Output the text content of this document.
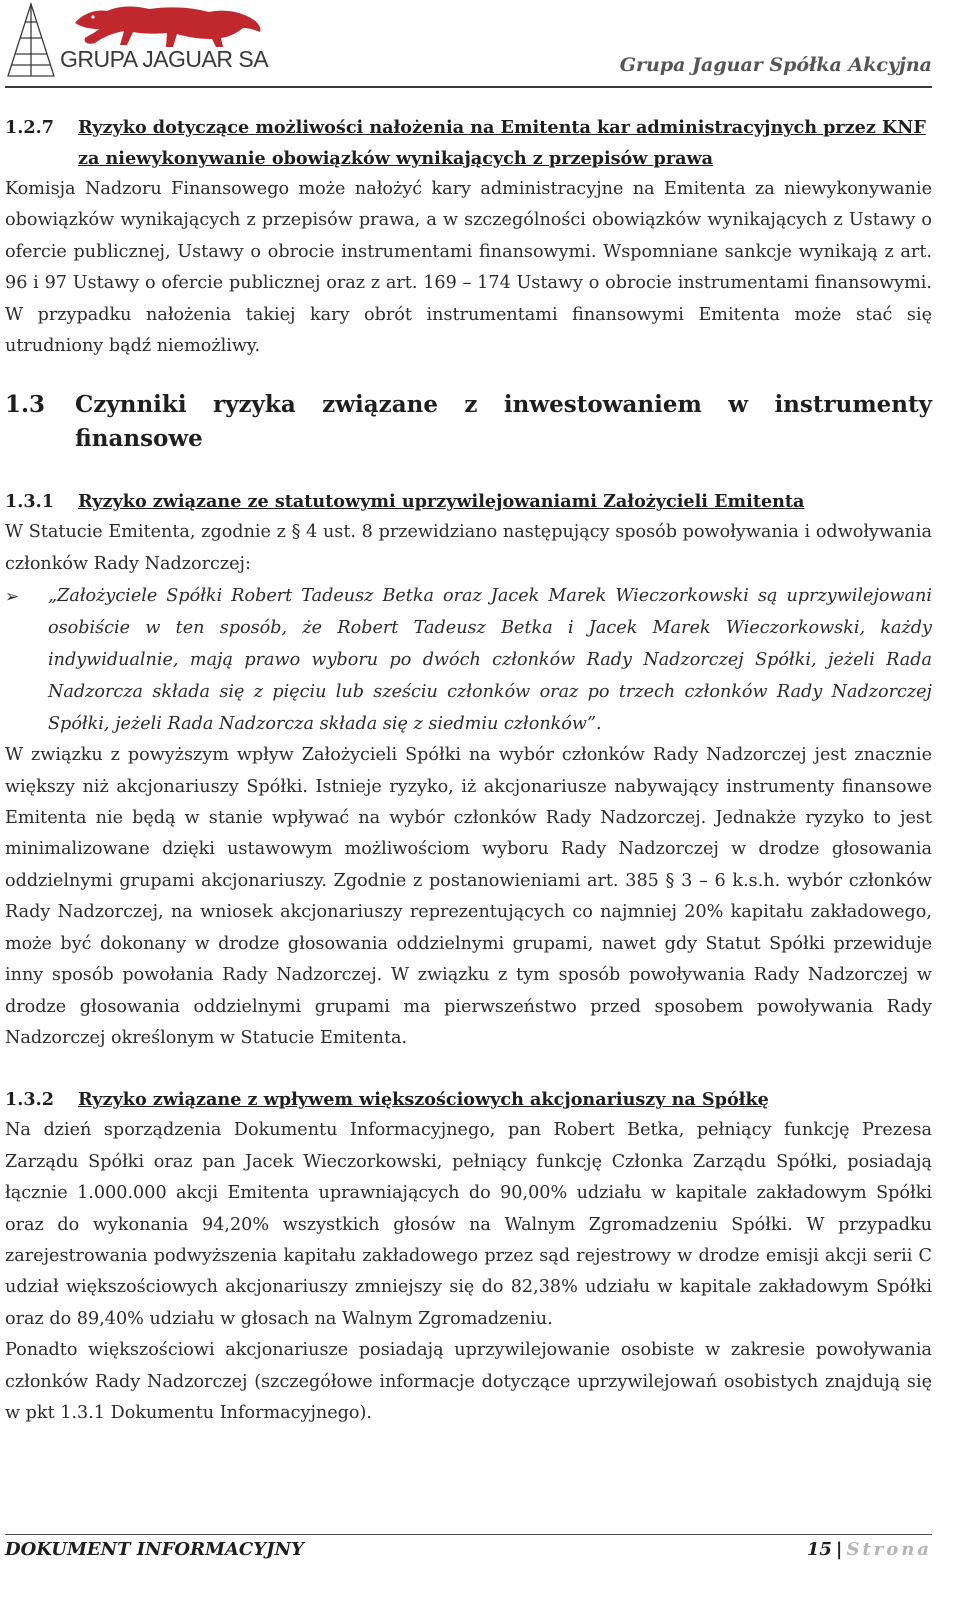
GRUPA JAGUAR SA	Grupa Jaguar Spółka Akcyjna
1.2.7	Ryzyko dotyczące możliwości nałożenia na Emitenta kar administracyjnych przez KNF za niewykonywanie obowiązków wynikających z przepisów prawa

Komisja Nadzoru Finansowego może nałożyć kary administracyjne na Emitenta za niewykonywanie obowiązków wynikających z przepisów prawa, a w szczególności obowiązków wynikających z Ustawy o ofercie publicznej, Ustawy o obrocie instrumentami finansowymi. Wspomniane sankcje wynikają z art. 96 i 97 Ustawy o ofercie publicznej oraz z art. 169 – 174 Ustawy o obrocie instrumentami finansowymi. W przypadku nałożenia takiej kary obrót instrumentami finansowymi Emitenta może stać się utrudniony bądź niemożliwy.

1.3	Czynniki ryzyka związane z inwestowaniem w instrumenty finansowe
1.3.1	Ryzyko związane ze statutowymi uprzywilejowaniami Założycieli Emitenta

W Statucie Emitenta, zgodnie z § 4 ust. 8 przewidziano następujący sposób powoływania i odwoływania członków Rady Nadzorczej:

➢ „Założyciele Spółki Robert Tadeusz Betka oraz Jacek Marek Wieczorkowski są uprzywilejowani osobiście w ten sposób, że Robert Tadeusz Betka i Jacek Marek Wieczorkowski, każdy indywidualnie, mają prawo wyboru po dwóch członków Rady Nadzorczej Spółki, jeżeli Rada Nadzorcza składa się z pięciu lub sześciu członków oraz po trzech członków Rady Nadzorczej Spółki, jeżeli Rada Nadzorcza składa się z siedmiu członków”.

W związku z powyższym wpływ Założycieli Spółki na wybór członków Rady Nadzorczej jest znacznie większy niż akcjonariuszy Spółki. Istnieje ryzyko, iż akcjonariusze nabywający instrumenty finansowe Emitenta nie będą w stanie wpływać na wybór członków Rady Nadzorczej. Jednakże ryzyko to jest minimalizowane dzięki ustawowym możliwościom wyboru Rady Nadzorczej w drodze głosowania oddzielnymi grupami akcjonariuszy. Zgodnie z postanowieniami art. 385 § 3 – 6 k.s.h. wybór członków Rady Nadzorczej, na wniosek akcjonariuszy reprezentujących co najmniej 20% kapitału zakładowego, może być dokonany w drodze głosowania oddzielnymi grupami, nawet gdy Statut Spółki przewiduje inny sposób powołania Rady Nadzorczej. W związku z tym sposób powoływania Rady Nadzorczej w drodze głosowania oddzielnymi grupami ma pierwszeństwo przed sposobem powoływania Rady Nadzorczej określonym w Statucie Emitenta.

1.3.2	Ryzyko związane z wpływem większościowych akcjonariuszy na Spółkę

Na dzień sporządzenia Dokumentu Informacyjnego, pan Robert Betka, pełniący funkcję Prezesa Zarządu Spółki oraz pan Jacek Wieczorkowski, pełniący funkcję Członka Zarządu Spółki, posiadają łącznie 1.000.000 akcji Emitenta uprawniających do 90,00% udziału w kapitale zakładowym Spółki oraz do wykonania 94,20% wszystkich głosów na Walnym Zgromadzeniu Spółki. W przypadku zarejestrowania podwyższenia kapitału zakładowego przez sąd rejestrowy w drodze emisji akcji serii C udział większościowych akcjonariuszy zmniejszy się do 82,38% udziału w kapitale zakładowym Spółki oraz do 89,40% udziału w głosach na Walnym Zgromadzeniu.

Ponadto większościowi akcjonariusze posiadają uprzywilejowanie osobiste w zakresie powoływania członków Rady Nadzorczej (szczegółowe informacje dotyczące uprzywilejowań osobistych znajdują się w pkt 1.3.1 Dokumentu Informacyjnego).

DOKUMENT INFORMACYJNY	15 | Strona
